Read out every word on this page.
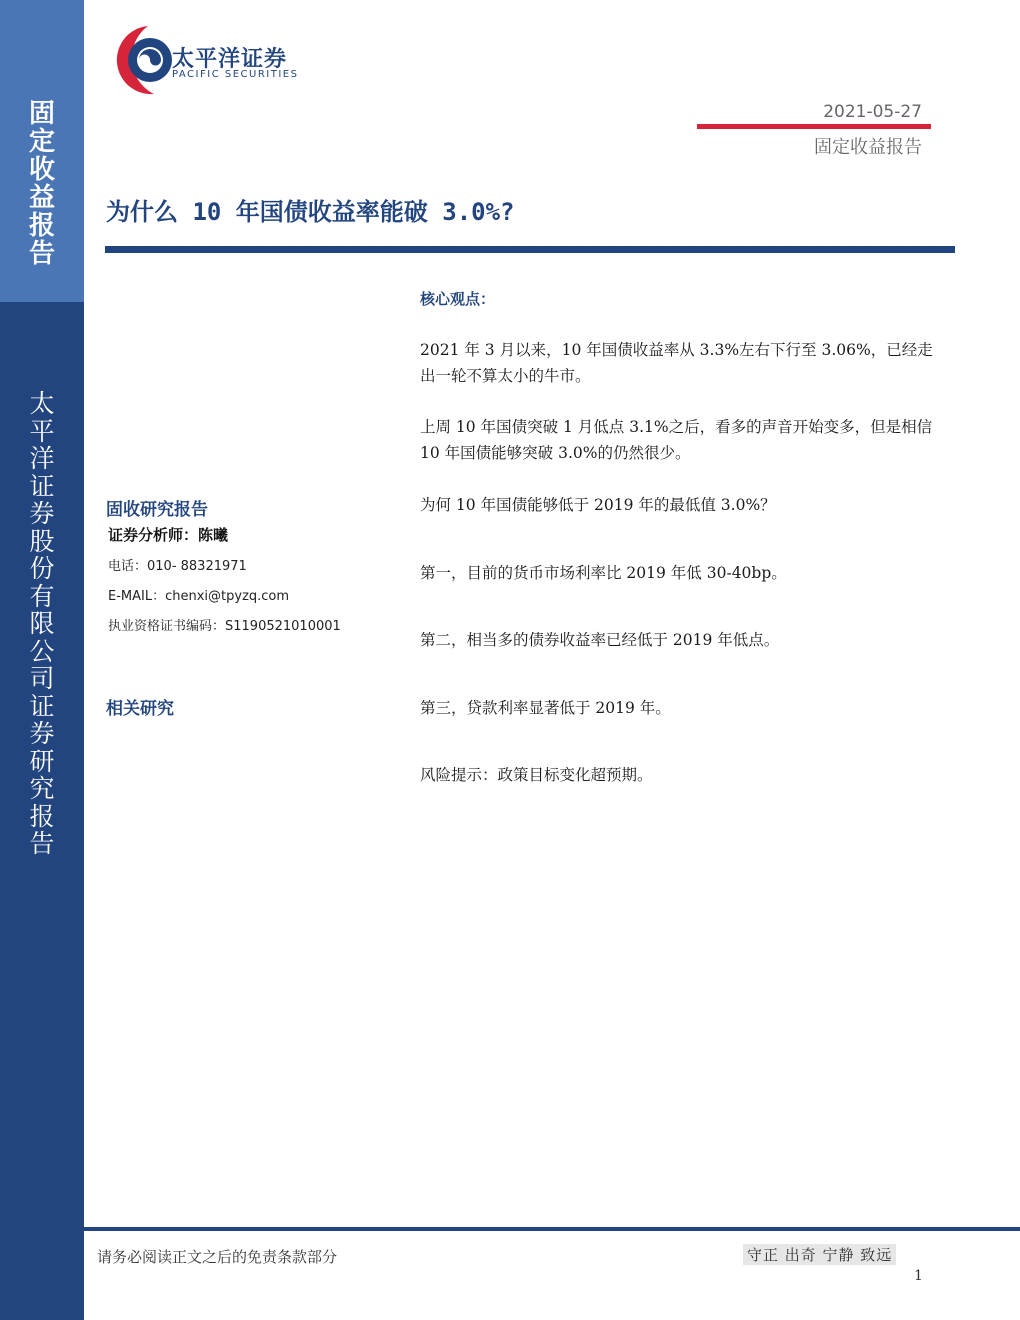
固
定
收
益
报
告
太
平
洋
证
券
股
份
有
限
公
司
证
券
研
究
报
告
太平洋证券
PACIFIC SECURITIES
2021-05-27
固定收益报告
为什么 10 年国债收益率能破 3.0%?
固收研究报告
证券分析师：陈曦
电话：010- 88321971
E-MAIL：chenxi@tpyzq.com
执业资格证书编码：S1190521010001
相关研究
核心观点：
2021 年 3 月以来，10 年国债收益率从 3.3%左右下行至 3.06%，已经走出一轮不算太小的牛市。
上周 10 年国债突破 1 月低点 3.1%之后，看多的声音开始变多，但是相信 10 年国债能够突破 3.0%的仍然很少。
为何 10 年国债能够低于 2019 年的最低值 3.0%？
第一，目前的货币市场利率比 2019 年低 30-40bp。
第二，相当多的债券收益率已经低于 2019 年低点。
第三，贷款利率显著低于 2019 年。
风险提示：政策目标变化超预期。
请务必阅读正文之后的免责条款部分	守正 出奇 宁静 致远
1
